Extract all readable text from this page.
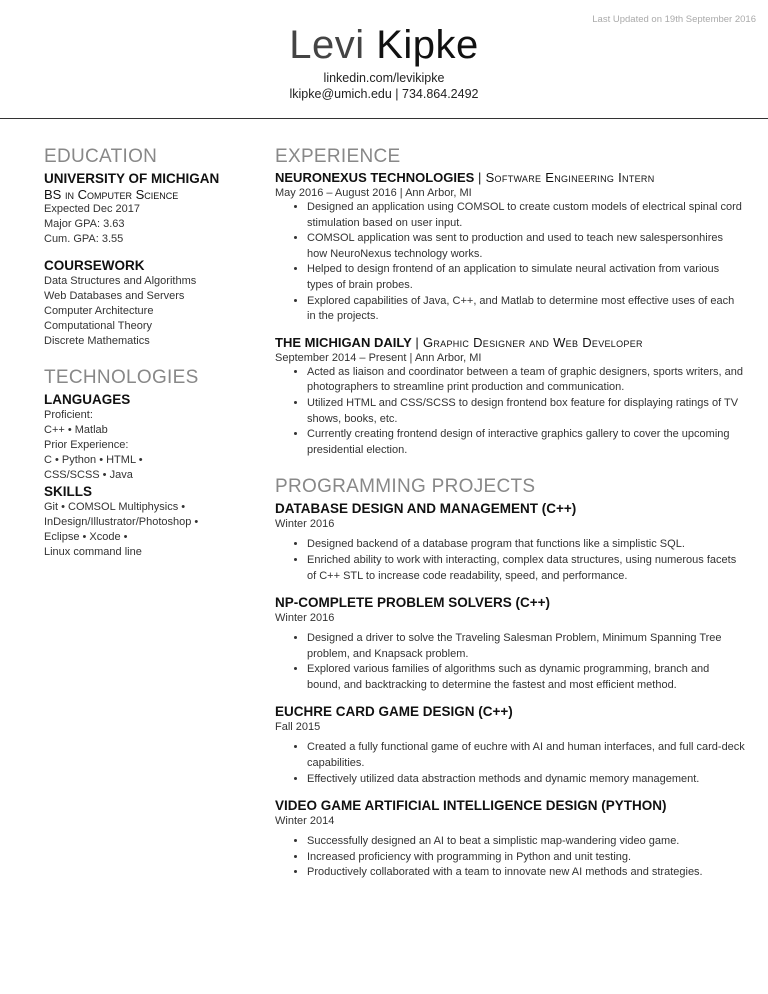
Last Updated on 19th September 2016
Levi Kipke
linkedin.com/levikipke
lkipke@umich.edu | 734.864.2492
EDUCATION
UNIVERSITY OF MICHIGAN
BS in Computer Science
Expected Dec 2017
Major GPA: 3.63
Cum. GPA: 3.55
COURSEWORK
Data Structures and Algorithms
Web Databases and Servers
Computer Architecture
Computational Theory
Discrete Mathematics
TECHNOLOGIES
LANGUAGES
Proficient:
C++ • Matlab
Prior Experience:
C • Python • HTML •
CSS/SCSS • Java
SKILLS
Git • COMSOL Multiphysics •
InDesign/Illustrator/Photoshop •
Eclipse • Xcode •
Linux command line
EXPERIENCE
NEURONEXUS TECHNOLOGIES | Software Engineering Intern
May 2016 – August 2016 | Ann Arbor, MI
• Designed an application using COMSOL to create custom models of electrical spinal cord stimulation based on user input.
• COMSOL application was sent to production and used to teach new salespersonhires how NeuroNexus technology works.
• Helped to design frontend of an application to simulate neural activation from various types of brain probes.
• Explored capabilities of Java, C++, and Matlab to determine most effective uses of each in the projects.
THE MICHIGAN DAILY | Graphic Designer and Web Developer
September 2014 – Present | Ann Arbor, MI
• Acted as liaison and coordinator between a team of graphic designers, sports writers, and photographers to streamline print production and communication.
• Utilized HTML and CSS/SCSS to design frontend box feature for displaying ratings of TV shows, books, etc.
• Currently creating frontend design of interactive graphics gallery to cover the upcoming presidential election.
PROGRAMMING PROJECTS
DATABASE DESIGN AND MANAGEMENT (C++)
Winter 2016
• Designed backend of a database program that functions like a simplistic SQL.
• Enriched ability to work with interacting, complex data structures, using numerous facets of C++ STL to increase code readability, speed, and performance.
NP-COMPLETE PROBLEM SOLVERS (C++)
Winter 2016
• Designed a driver to solve the Traveling Salesman Problem, Minimum Spanning Tree problem, and Knapsack problem.
• Explored various families of algorithms such as dynamic programming, branch and bound, and backtracking to determine the fastest and most efficient method.
EUCHRE CARD GAME DESIGN (C++)
Fall 2015
• Created a fully functional game of euchre with AI and human interfaces, and full card-deck capabilities.
• Effectively utilized data abstraction methods and dynamic memory management.
VIDEO GAME ARTIFICIAL INTELLIGENCE DESIGN (PYTHON)
Winter 2014
• Successfully designed an AI to beat a simplistic map-wandering video game.
• Increased proficiency with programming in Python and unit testing.
• Productively collaborated with a team to innovate new AI methods and strategies.
